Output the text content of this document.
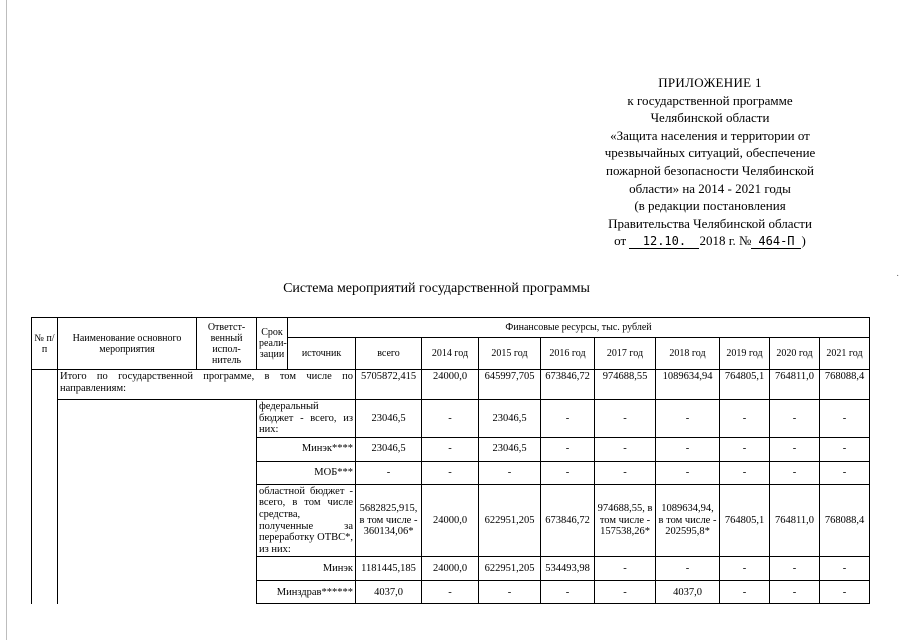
˙
ПРИЛОЖЕНИЕ 1
к государственной программе
Челябинской области
«Защита населения и территории от
чрезвычайных ситуаций, обеспечение
пожарной безопасности Челябинской
области» на 2014 - 2021 годы
(в редакции постановления
Правительства Челябинской области
от 12.10. 2018 г. № 464-П )
Система мероприятий государственной программы
№ п/п	Наименование основного мероприятия	Ответст-венный испол-нитель	Срок реали-зации	Финансовые ресурсы, тыс. рублей									
				источник	всего	2014 год	2015 год	2016 год	2017 год	2018 год	2019 год	2020 год	2021 год
	Итого по государственной программе, в том числе по направлениям:				5705872,415	24000,0	645997,705	673846,72	974688,55	1089634,94	764805,1	764811,0	768088,4
			федеральный бюджет - всего, из них:		23046,5	-	23046,5	-	-	-	-	-	-
			Минэк****		23046,5	-	23046,5	-	-	-	-	-	-
			МОБ***		-	-	-	-	-	-	-	-	-
			областной бюджет - всего, в том числе средства, полученные за переработку ОТВС*, из них:		5682825,915, в том числе - 360134,06*	24000,0	622951,205	673846,72	974688,55, в том числе - 157538,26*	1089634,94, в том числе - 202595,8*	764805,1	764811,0	768088,4
			Минэк		1181445,185	24000,0	622951,205	534493,98	-	-	-	-	-
			Минздрав******		4037,0	-	-	-	-	4037,0	-	-	-
